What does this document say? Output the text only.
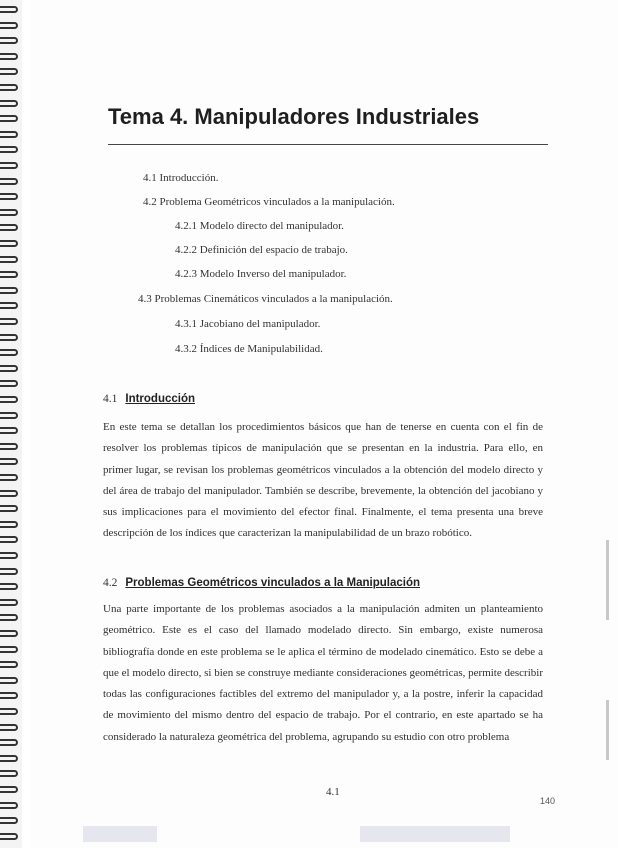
Tema 4. Manipuladores Industriales
4.1 Introducción.
4.2 Problema Geométricos vinculados a la manipulación.
4.2.1 Modelo directo del manipulador.
4.2.2 Definición del espacio de trabajo.
4.2.3 Modelo Inverso del manipulador.
4.3 Problemas Cinemáticos vinculados a la manipulación.
4.3.1 Jacobiano del manipulador.
4.3.2 Índices de Manipulabilidad.
4.1 Introducción

En este tema se detallan los procedimientos básicos que han de tenerse en cuenta con el fin de resolver los problemas típicos de manipulación que se presentan en la industria. Para ello, en primer lugar, se revisan los problemas geométricos vinculados a la obtención del modelo directo y del área de trabajo del manipulador. También se describe, brevemente, la obtención del jacobiano y sus implicaciones para el movimiento del efector final. Finalmente, el tema presenta una breve descripción de los índices que caracterizan la manipulabilidad de un brazo robótico.

4.2 Problemas Geométricos vinculados a la Manipulación

Una parte importante de los problemas asociados a la manipulación admiten un planteamiento geométrico. Este es el caso del llamado modelado directo. Sin embargo, existe numerosa bibliografía donde en este problema se le aplica el término de modelado cinemático. Esto se debe a que el modelo directo, si bien se construye mediante consideraciones geométricas, permite describir todas las configuraciones factibles del extremo del manipulador y, a la postre, inferir la capacidad de movimiento del mismo dentro del espacio de trabajo. Por el contrario, en este apartado se ha considerado la naturaleza geométrica del problema, agrupando su estudio con otro problema

4.1
140
